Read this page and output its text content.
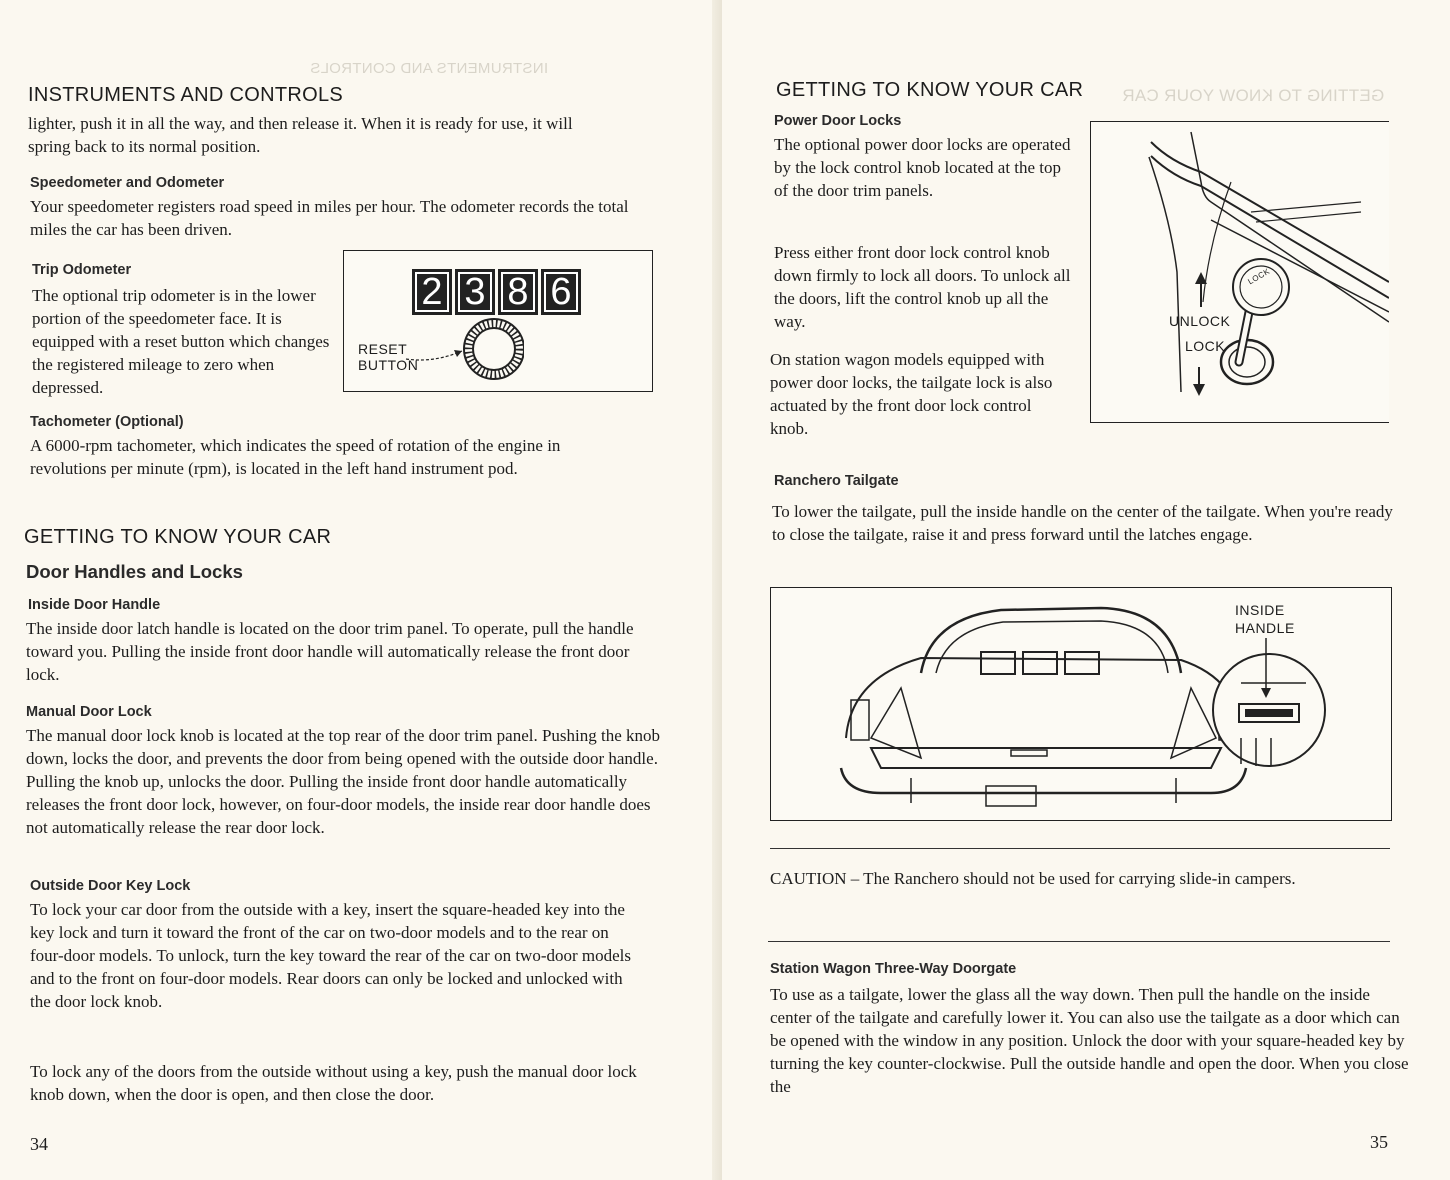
INSTRUMENTS AND CONTROLS
INSTRUMENTS AND CONTROLS
lighter, push it in all the way, and then release it. When it is ready for use, it will spring back to its normal position.
Speedometer and Odometer
Your speedometer registers road speed in miles per hour. The odometer records the total miles the car has been driven.
Trip Odometer
The optional trip odometer is in the lower portion of the speedometer face. It is equipped with a reset button which changes the registered mileage to zero when depressed.
2 3 8 6
RESET
BUTTON
Tachometer (Optional)
A 6000-rpm tachometer, which indicates the speed of rotation of the engine in revolutions per minute (rpm), is located in the left hand instrument pod.
GETTING TO KNOW YOUR CAR
Door Handles and Locks
Inside Door Handle
The inside door latch handle is located on the door trim panel. To operate, pull the handle toward you. Pulling the inside front door handle will automatically release the front door lock.
Manual Door Lock
The manual door lock knob is located at the top rear of the door trim panel. Pushing the knob down, locks the door, and prevents the door from being opened with the outside door handle. Pulling the knob up, unlocks the door. Pulling the inside front door handle automatically releases the front door lock, however, on four-door models, the inside rear door handle does not automatically release the rear door lock.
Outside Door Key Lock
To lock your car door from the outside with a key, insert the square-headed key into the key lock and turn it toward the front of the car on two-door models and to the rear on four-door models. To unlock, turn the key toward the rear of the car on two-door models and to the front on four-door models. Rear doors can only be locked and unlocked with the door lock knob.
To lock any of the doors from the outside without using a key, push the manual door lock knob down, when the door is open, and then close the door.
34
GETTING TO KNOW YOUR CAR
GETTING TO KNOW YOUR CAR
Power Door Locks
The optional power door locks are operated by the lock control knob located at the top of the door trim panels.
Press either front door lock control knob down firmly to lock all doors. To unlock all the doors, lift the control knob up all the way.
On station wagon models equipped with power door locks, the tailgate lock is also actuated by the front door lock control knob.
LOCK
UNLOCK
LOCK
Ranchero Tailgate
To lower the tailgate, pull the inside handle on the center of the tailgate. When you're ready to close the tailgate, raise it and press forward until the latches engage.
INSIDE
HANDLE
CAUTION – The Ranchero should not be used for carrying slide-in campers.
Station Wagon Three-Way Doorgate
To use as a tailgate, lower the glass all the way down. Then pull the handle on the inside center of the tailgate and carefully lower it. You can also use the tailgate as a door which can be opened with the window in any position. Unlock the door with your square-headed key by turning the key counter-clockwise. Pull the outside handle and open the door. When you close the
35
